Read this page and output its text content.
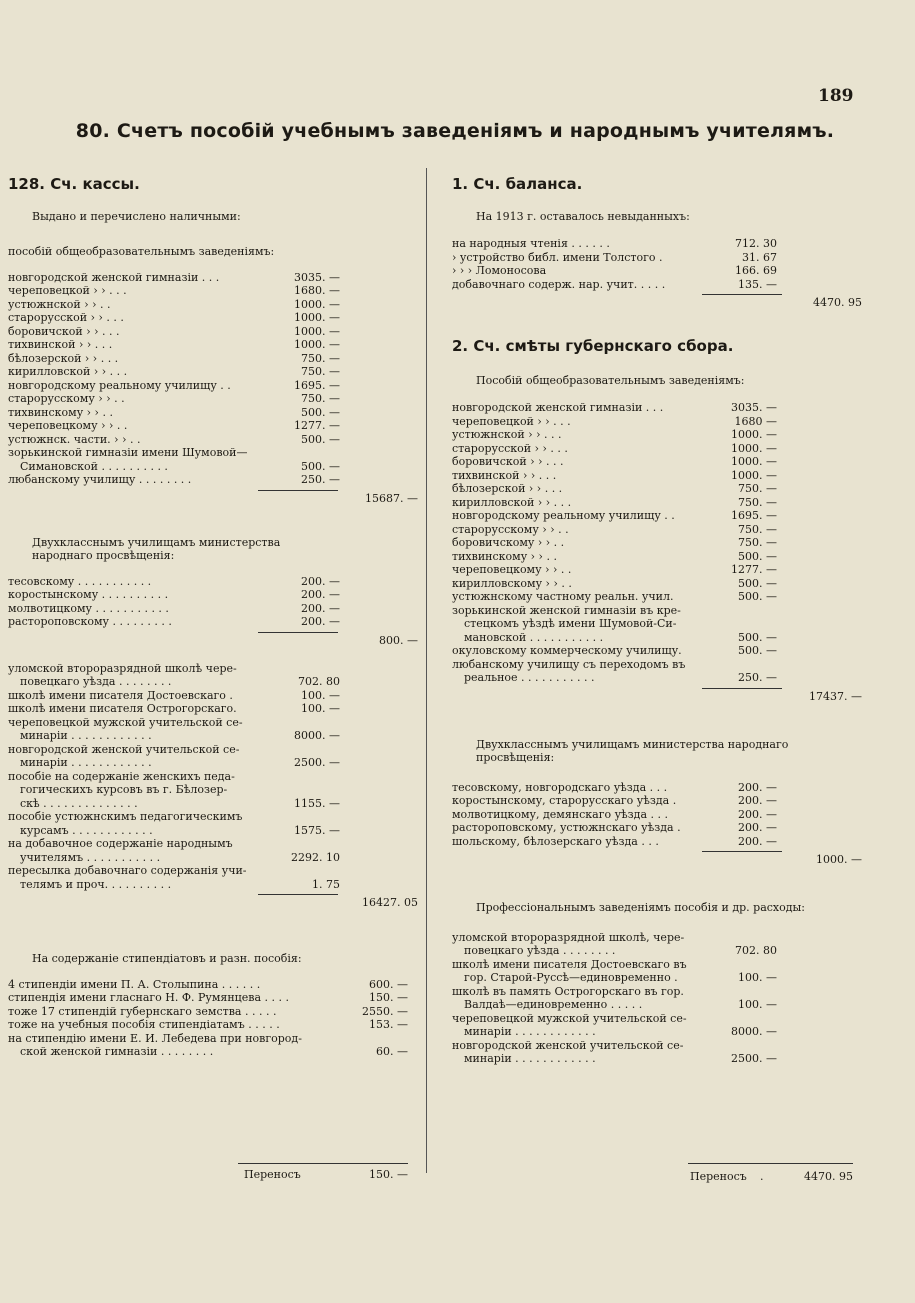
189
80. Счетъ пособій учебнымъ заведеніямъ и народнымъ учителямъ.

128. Сч. кассы.

Выдано и перечислено наличными:

пособій общеобразовательнымъ заведеніямъ:

новгородской женской гимназіи . . .	3035. —
череповецкой › › . . .	1680. —
устюжнской › › . .	1000. —
старорусской › › . . .	1000. —
боровичской › › . . .	1000. —
тихвинской › › . . .	1000. —
бѣлозерской › › . . .	750. —
кирилловской › › . . .	750. —
новгородскому реальному училищу . .	1695. —
старорусскому › › . .	750. —
тихвинскому › › . .	500. —
череповецкому › › . .	1277. —
устюжнск. части. › › . .	500. —
зорькинской гимназіи имени Шумовой—
Симановской . . . . . . . . . .	500. —
любанскому училищу . . . . . . . .	250. —
15687. —

Двухкласснымъ училищамъ министерства народнаго просвѣщенія:

тесовскому . . . . . . . . . . .	200. —
коростынскому . . . . . . . . . .	200. —
молвотицкому . . . . . . . . . . .	200. —
растороповскому . . . . . . . . .	200. —
800. —
уломской второразрядной школѣ чере-
повецкаго уѣзда . . . . . . . .	702. 80
школѣ имени писателя Достоевскаго .	100. —
школѣ имени писателя Острогорскаго.	100. —
череповецкой мужской учительской се-
минаріи . . . . . . . . . . . .	8000. —
новгородской женской учительской се-
минаріи . . . . . . . . . . . .	2500. —
пособіе на содержаніе женскихъ педа-
гогическихъ курсовъ въ г. Бѣлозер-
скѣ . . . . . . . . . . . . . .	1155. —
пособіе устюжнскимъ педагогическимъ
курсамъ . . . . . . . . . . . .	1575. —
на добавочное содержаніе народнымъ
учителямъ . . . . . . . . . . .	2292. 10
пересылка добавочнаго содержанія учи-
телямъ и проч. . . . . . . . . .	1. 75
16427. 05

На содержаніе стипендіатовъ и разн. пособія:

4 стипендіи имени П. А. Столыпина . . . . . .	600. —
стипендія имени гласнаго Н. Ф. Румянцева . . . .	150. —
тоже 17 стипендій губернскаго земства . . . . .	2550. —
тоже на учебныя пособія стипендіатамъ . . . . .	153. —
на стипендію имени Е. И. Лебедева при новгород-
ской женской гимназіи . . . . . . . .	60. —

1. Сч. баланса.

На 1913 г. оставалось невыданныхъ:

на народныя чтенія . . . . . .	712. 30
› устройство библ. имени Толстого .	31. 67
› › › Ломоносова	166. 69
добавочнаго содерж. нар. учит. . . . .	135. —
4470. 95

2. Сч. смѣты губернскаго сбора.

Пособій общеобразовательнымъ заведеніямъ:

новгородской женской гимназіи . . .	3035. —
череповецкой › › . . .	1680 —
устюжнской › › . . .	1000. —
старорусской › › . . .	1000. —
боровичской › › . . .	1000. —
тихвинской › › . . .	1000. —
бѣлозерской › › . . .	750. —
кирилловской › › . . .	750. —
новгородскому реальному училищу . .	1695. —
старорусскому › › . .	750. —
боровичскому › › . .	750. —
тихвинскому › › . .	500. —
череповецкому › › . .	1277. —
кирилловскому › › . .	500. —
устюжнскому частному реальн. учил.	500. —
зорькинской женской гимназіи въ кре-
стецкомъ уѣздѣ имени Шумовой-Си-
мановской . . . . . . . . . . .	500. —
окуловскому коммерческому училищу.	500. —
любанскому училищу съ переходомъ въ
реальное . . . . . . . . . . .	250. —
17437. —

Двухкласснымъ училищамъ министерства народнаго просвѣщенія:

тесовскому, новгородскаго уѣзда . . .	200. —
коростынскому, старорусскаго уѣзда .	200. —
молвотицкому, демянскаго уѣзда . . .	200. —
растороповскому, устюжнскаго уѣзда .	200. —
шольскому, бѣлозерскаго уѣзда . . .	200. —
1000. —

Профессіональнымъ заведеніямъ пособія и др. расходы:

уломской второразрядной школѣ, чере-
повецкаго уѣзда . . . . . . . .	702. 80
школѣ имени писателя Достоевскаго въ
гор. Старой-Руссѣ—единовременно .	100. —
школѣ въ память Острогорскаго въ гор.
Валдаѣ—единовременно . . . . .	100. —
череповецкой мужской учительской се-
минаріи . . . . . . . . . . . .	8000. —
новгородской женской учительской се-
минаріи . . . . . . . . . . . .	2500. —
Переносъ	150. —	Переносъ .	4470. 95
